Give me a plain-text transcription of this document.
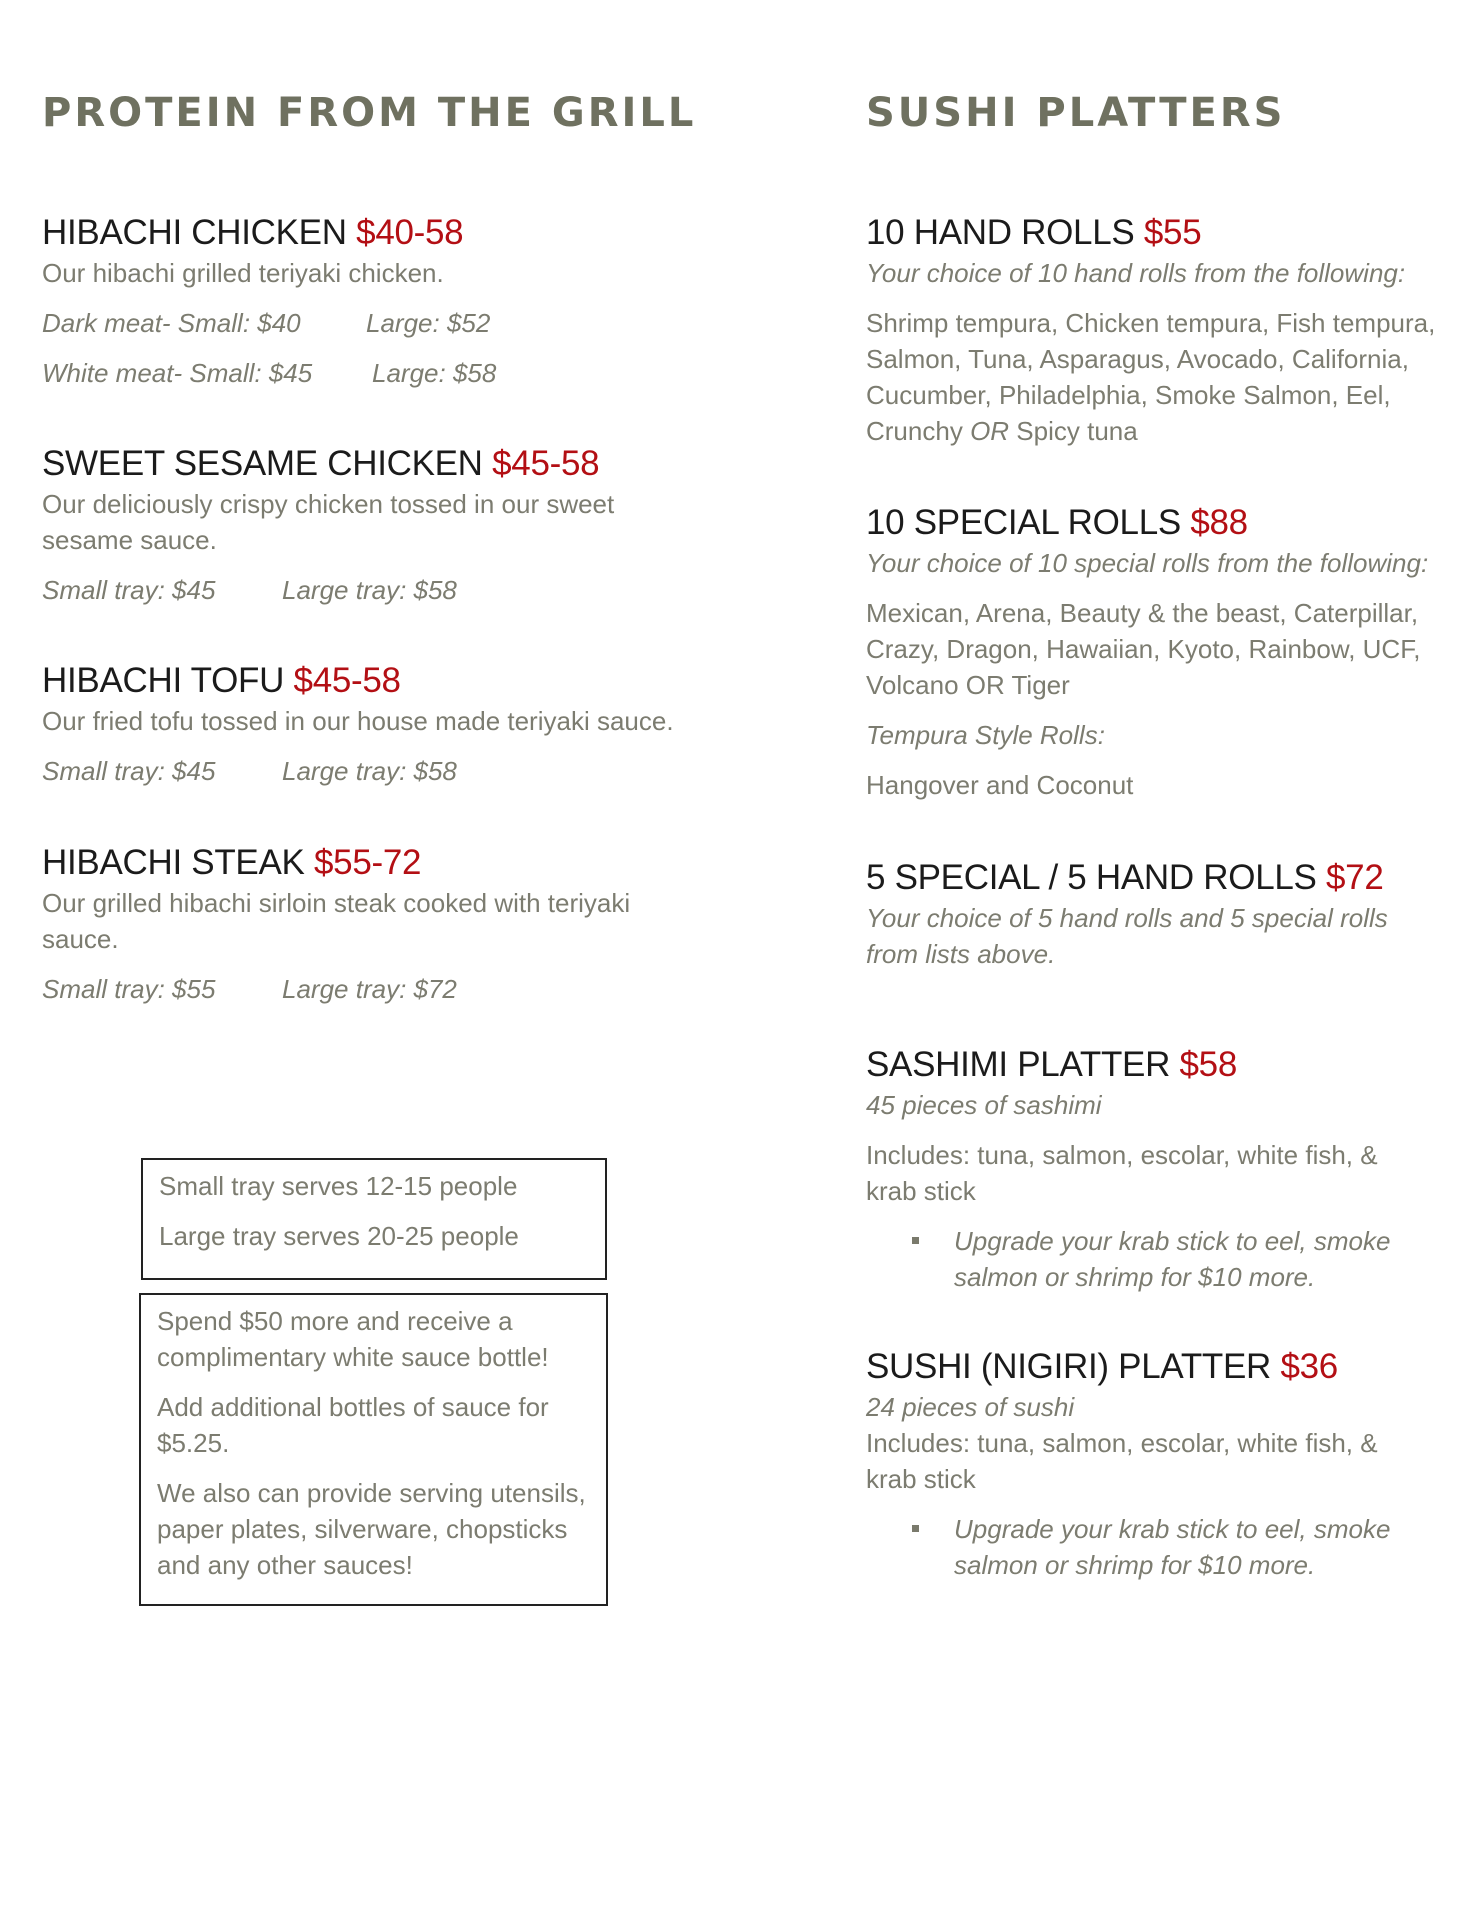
PROTEIN FROM THE GRILL
HIBACHI CHICKEN $40-58

Our hibachi grilled teriyaki chicken.

Dark meat- Small: $40	Large: $52
White meat- Small: $45	Large: $58
SWEET SESAME CHICKEN $45-58

Our deliciously crispy chicken tossed in our sweet sesame sauce.

Small tray: $45	Large tray: $58
HIBACHI TOFU $45-58

Our fried tofu tossed in our house made teriyaki sauce.

Small tray: $45	Large tray: $58
HIBACHI STEAK $55-72

Our grilled hibachi sirloin steak cooked with teriyaki sauce.

Small tray: $55	Large tray: $72

Small tray serves 12-15 people

Large tray serves 20-25 people

Spend $50 more and receive a complimentary white sauce bottle!

Add additional bottles of sauce for $5.25.

We also can provide serving utensils, paper plates, silverware, chopsticks and any other sauces!

SUSHI PLATTERS
10 HAND ROLLS $55

Your choice of 10 hand rolls from the following:

Shrimp tempura, Chicken tempura, Fish tempura, Salmon, Tuna, Asparagus, Avocado, California, Cucumber, Philadelphia, Smoke Salmon, Eel, Crunchy OR Spicy tuna

10 SPECIAL ROLLS $88

Your choice of 10 special rolls from the following:

Mexican, Arena, Beauty & the beast, Caterpillar, Crazy, Dragon, Hawaiian, Kyoto, Rainbow, UCF, Volcano OR Tiger

Tempura Style Rolls:

Hangover and Coconut

5 SPECIAL / 5 HAND ROLLS $72

Your choice of 5 hand rolls and 5 special rolls from lists above.

SASHIMI PLATTER $58

45 pieces of sashimi

Includes: tuna, salmon, escolar, white fish, & krab stick

Upgrade your krab stick to eel, smoke salmon or shrimp for $10 more.
SUSHI (NIGIRI) PLATTER $36

24 pieces of sushi

Includes: tuna, salmon, escolar, white fish, & krab stick

Upgrade your krab stick to eel, smoke salmon or shrimp for $10 more.
